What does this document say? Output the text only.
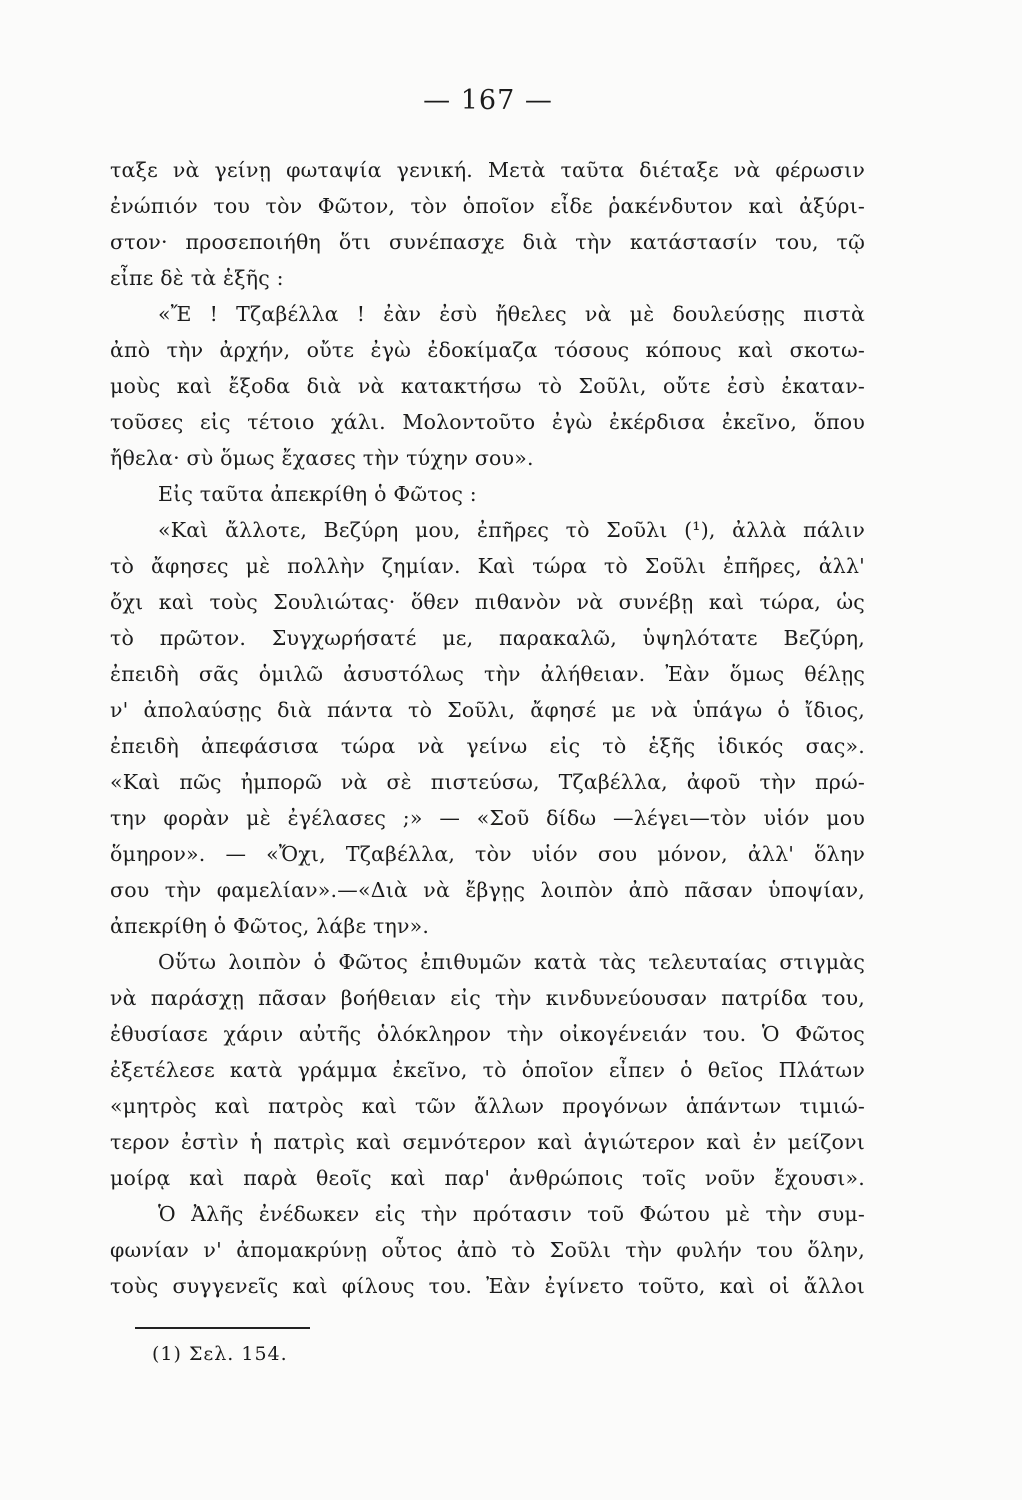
— 167 —
ταξε νὰ γείνῃ φωταψία γενική. Μετὰ ταῦτα διέταξε νὰ φέρωσιν
ἐνώπιόν του τὸν Φῶτον, τὸν ὁποῖον εἶδε ῥακένδυτον καὶ ἀξύρι-
στον· προσεποιήθη ὅτι συνέπασχε διὰ τὴν κατάστασίν του, τῷ
εἶπε δὲ τὰ ἑξῆς :
«Ἔ ! Τζαβέλλα ! ἐὰν ἐσὺ ἤθελες νὰ μὲ δουλεύσῃς πιστὰ
ἀπὸ τὴν ἀρχήν, οὔτε ἐγὼ ἐδοκίμαζα τόσους κόπους καὶ σκοτω-
μοὺς καὶ ἔξοδα διὰ νὰ κατακτήσω τὸ Σοῦλι, οὔτε ἐσὺ ἐκαταν-
τοῦσες εἰς τέτοιο χάλι. Μολοντοῦτο ἐγὼ ἐκέρδισα ἐκεῖνο, ὅπου
ἤθελα· σὺ ὅμως ἔχασες τὴν τύχην σου».
Εἰς ταῦτα ἀπεκρίθη ὁ Φῶτος :
«Καὶ ἄλλοτε, Βεζύρη μου, ἐπῆρες τὸ Σοῦλι (¹), ἀλλὰ πάλιν
τὸ ἄφησες μὲ πολλὴν ζημίαν. Καὶ τώρα τὸ Σοῦλι ἐπῆρες, ἀλλ'
ὄχι καὶ τοὺς Σουλιώτας· ὅθεν πιθανὸν νὰ συνέβῃ καὶ τώρα, ὡς
τὸ πρῶτον. Συγχωρήσατέ με, παρακαλῶ, ὑψηλότατε Βεζύρη,
ἐπειδὴ σᾶς ὁμιλῶ ἀσυστόλως τὴν ἀλήθειαν. Ἐὰν ὅμως θέλῃς
ν' ἀπολαύσῃς διὰ πάντα τὸ Σοῦλι, ἄφησέ με νὰ ὑπάγω ὁ ἴδιος,
ἐπειδὴ ἀπεφάσισα τώρα νὰ γείνω εἰς τὸ ἑξῆς ἰδικός σας».
«Καὶ πῶς ἠμπορῶ νὰ σὲ πιστεύσω, Τζαβέλλα, ἀφοῦ τὴν πρώ-
την φορὰν μὲ ἐγέλασες ;» — «Σοῦ δίδω —λέγει—τὸν υἱόν μου
ὅμηρον». — «Ὄχι, Τζαβέλλα, τὸν υἱόν σου μόνον, ἀλλ' ὅλην
σου τὴν φαμελίαν».—«Διὰ νὰ ἔβγῃς λοιπὸν ἀπὸ πᾶσαν ὑποψίαν,
ἀπεκρίθη ὁ Φῶτος, λάβε την».
Οὕτω λοιπὸν ὁ Φῶτος ἐπιθυμῶν κατὰ τὰς τελευταίας στιγμὰς
νὰ παράσχῃ πᾶσαν βοήθειαν εἰς τὴν κινδυνεύουσαν πατρίδα του,
ἐθυσίασε χάριν αὐτῆς ὁλόκληρον τὴν οἰκογένειάν του. Ὁ Φῶτος
ἐξετέλεσε κατὰ γράμμα ἐκεῖνο, τὸ ὁποῖον εἶπεν ὁ θεῖος Πλάτων
«μητρὸς καὶ πατρὸς καὶ τῶν ἄλλων προγόνων ἁπάντων τιμιώ-
τερον ἐστὶν ἡ πατρὶς καὶ σεμνότερον καὶ ἁγιώτερον καὶ ἐν μείζονι
μοίρᾳ καὶ παρὰ θεοῖς καὶ παρ' ἀνθρώποις τοῖς νοῦν ἔχουσι».
Ὁ Ἀλῆς ἐνέδωκεν εἰς τὴν πρότασιν τοῦ Φώτου μὲ τὴν συμ-
φωνίαν ν' ἀπομακρύνῃ οὗτος ἀπὸ τὸ Σοῦλι τὴν φυλήν του ὅλην,
τοὺς συγγενεῖς καὶ φίλους του. Ἐὰν ἐγίνετο τοῦτο, καὶ οἱ ἄλλοι
(1) Σελ. 154.
